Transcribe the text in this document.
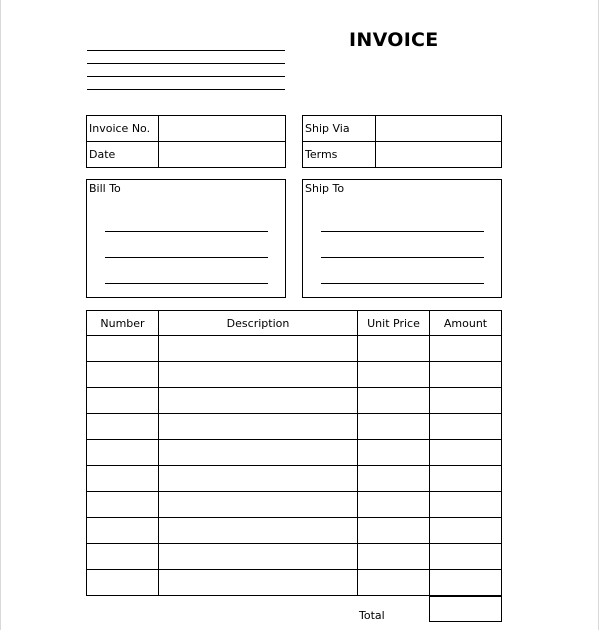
INVOICE
Invoice No.	
Date	
Ship Via	
Terms	
Bill To	Ship To
Number	Description	Unit Price	Amount

Total
